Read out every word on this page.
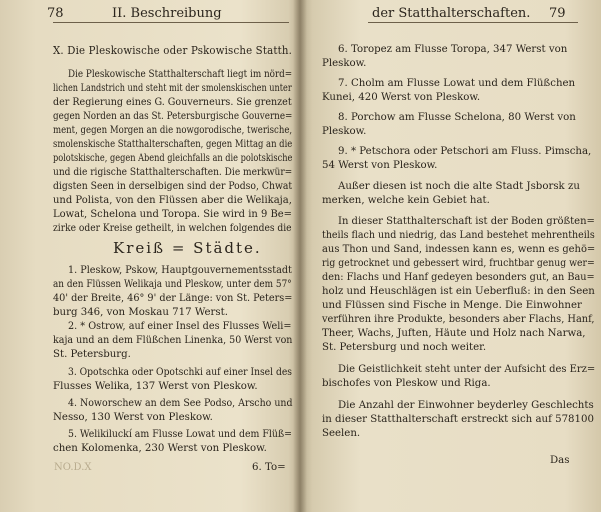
78	II. Beschreibung
X. Die Pleskowische oder Pskowische Statth.
Die Pleskowische Statthalterschaft liegt im nörd=
lichen Landstrich und steht mit der smolenskischen unter
der Regierung eines G. Gouverneurs. Sie grenzet
gegen Norden an das St. Petersburgische Gouverne=
ment, gegen Morgen an die nowgorodische, twerische,
smolenskische Statthalterschaften, gegen Mittag an die
polotskische, gegen Abend gleichfalls an die polotskische
und die rigische Statthalterschaften. Die merkwür=
digsten Seen in derselbigen sind der Podso, Chwat
und Polista, von den Flüssen aber die Welikaja,
Lowat, Schelona und Toropa. Sie wird in 9 Be=
zirke oder Kreise getheilt, in welchen folgendes die
Kreiß = Städte.
1. Pleskow, Pskow, Hauptgouvernementsstadt
an den Flüssen Welikaja und Pleskow, unter dem 57°
40' der Breite, 46° 9' der Länge: von St. Peters=
burg 346, von Moskau 717 Werst.
2. * Ostrow, auf einer Insel des Flusses Weli=
kaja und an dem Flüßchen Linenka, 50 Werst von
St. Petersburg.
3. Opotschka oder Opotschki auf einer Insel des
Flusses Welika, 137 Werst von Pleskow.
4. Noworschew an dem See Podso, Arscho und
Nesso, 130 Werst von Pleskow.
5. Welikiluckí am Flusse Lowat und dem Flüß=
chen Kolomenka, 230 Werst von Pleskow.
NO.D.X	6. To=
der Statthalterschaften. 79
6. Toropez am Flusse Toropa, 347 Werst von
Pleskow.
7. Cholm am Flusse Lowat und dem Flüßchen
Kunei, 420 Werst von Pleskow.
8. Porchow am Flusse Schelona, 80 Werst von
Pleskow.
9. * Petschora oder Petschori am Fluss. Pimscha,
54 Werst von Pleskow.
Außer diesen ist noch die alte Stadt Jsborsk zu
merken, welche kein Gebiet hat.
In dieser Statthalterschaft ist der Boden größten=
theils flach und niedrig, das Land bestehet mehrentheils
aus Thon und Sand, indessen kann es, wenn es gehö=
rig getrocknet und gebessert wird, fruchtbar genug wer=
den: Flachs und Hanf gedeyen besonders gut, an Bau=
holz und Heuschlägen ist ein Ueberfluß: in den Seen
und Flüssen sind Fische in Menge. Die Einwohner
verführen ihre Produkte, besonders aber Flachs, Hanf,
Theer, Wachs, Juften, Häute und Holz nach Narwa,
St. Petersburg und noch weiter.
Die Geistlichkeit steht unter der Aufsicht des Erz=
bischofes von Pleskow und Riga.
Die Anzahl der Einwohner beyderley Geschlechts
in dieser Statthalterschaft erstreckt sich auf 578100
Seelen.
Das
